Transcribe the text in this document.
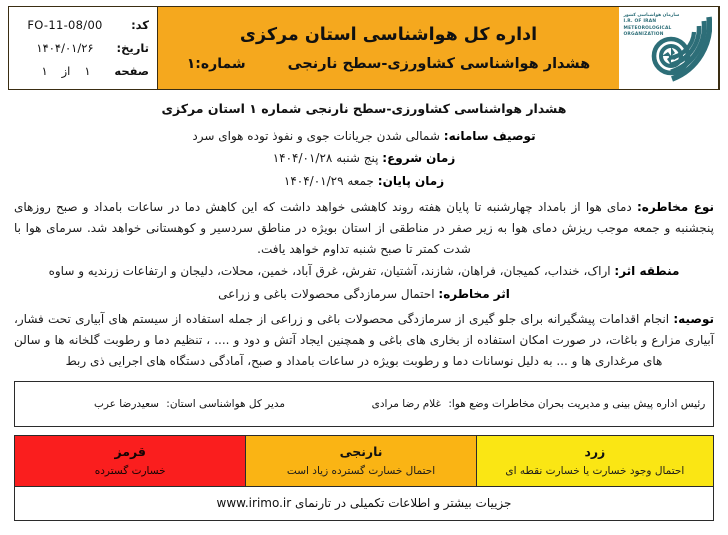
سازمان هواشناسی کشور
I.R. OF IRAN
METEOROLOGICAL
ORGANIZATION
اداره کل هواشناسی استان مرکزی
هشدار هواشناسی کشاورزی-سطح نارنجی
شماره:۱
کد:
FO-11-08/00
تاریخ:
۱۴۰۴/۰۱/۲۶
صفحه
۱
از
۱
هشدار هواشناسی کشاورزی-سطح نارنجی شماره ۱ استان مرکزی
توصیف سامانه: شمالی شدن جریانات جوی و نفوذ توده هوای سرد
زمان شروع: پنج شنبه ۱۴۰۴/۰۱/۲۸
زمان پایان: جمعه ۱۴۰۴/۰۱/۲۹
نوع مخاطره: دمای هوا از بامداد چهارشنبه تا پایان هفته روند کاهشی خواهد داشت که این کاهش دما در ساعات بامداد و صبح روزهای پنجشنبه و جمعه موجب ریزش دمای هوا به زیر صفر در مناطقی از استان بویژه در مناطق سردسیر و کوهستانی خواهد شد. سرمای هوا با شدت کمتر تا صبح شنبه تداوم خواهد یافت.
منطقه اثر: اراک، خنداب، کمیجان، فراهان، شازند، آشتیان، تفرش، غرق آباد، خمین، محلات، دلیجان و ارتفاعات زرندیه و ساوه
اثر مخاطره: احتمال سرمازدگی محصولات باغی و زراعی
توصیه: انجام اقدامات پیشگیرانه برای جلو گیری از سرمازدگی محصولات باغی و زراعی از جمله استفاده از سیستم های آبیاری تحت فشار، آبیاری مزارع و باغات، در صورت امکان استفاده از بخاری های باغی و همچنین ایجاد آتش و دود و .... ، تنظیم دما و رطوبت گلخانه ها و سالن های مرغداری ها و ... به دلیل نوسانات دما و رطوبت بویژه در ساعات بامداد و صبح، آمادگی دستگاه های اجرایی ذی ربط
رئیس اداره پیش بینی و مدیریت بحران مخاطرات وضع هوا: غلام رضا مرادی
مدیر کل هواشناسی استان: سعیدرضا عرب
زرد
احتمال وجود خسارت یا خسارت نقطه ای
نارنجی
احتمال خسارت گسترده زیاد است
قرمز
خسارت گسترده
جزییات بیشتر و اطلاعات تکمیلی در تارنمای www.irimo.ir
